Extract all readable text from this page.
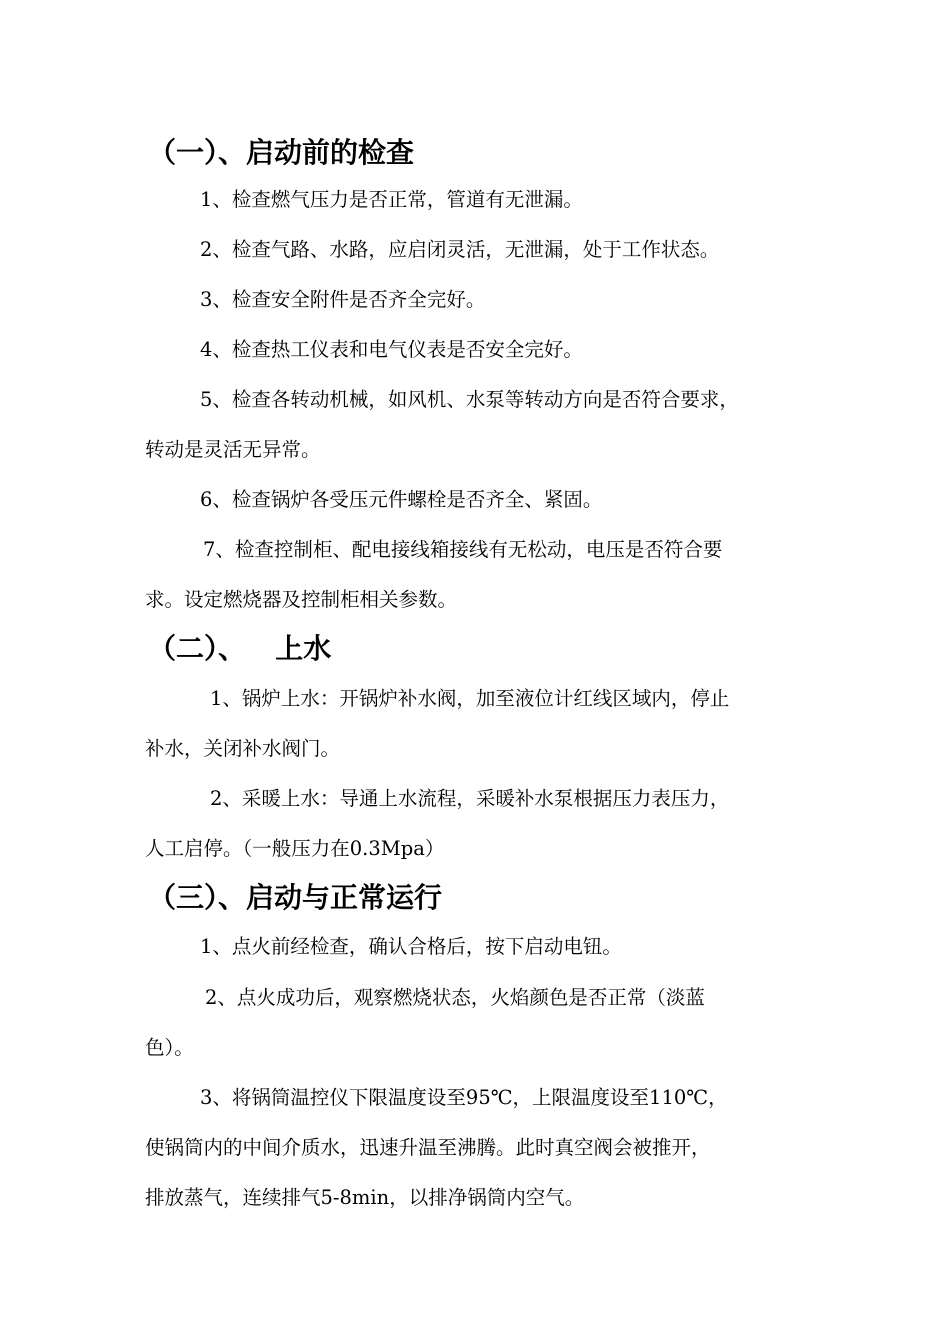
（一）、启动前的检查
1、检查燃气压力是否正常，管道有无泄漏。
2、检查气路、水路，应启闭灵活，无泄漏，处于工作状态。
3、检查安全附件是否齐全完好。
4、检查热工仪表和电气仪表是否安全完好。
5、检查各转动机械，如风机、水泵等转动方向是否符合要求，
转动是灵活无异常。
6、检查锅炉各受压元件螺栓是否齐全、紧固。
7、检查控制柜、配电接线箱接线有无松动，电压是否符合要
求。设定燃烧器及控制柜相关参数。
（二）、   上水
1、锅炉上水：开锅炉补水阀，加至液位计红线区域内，停止
补水，关闭补水阀门。
2、采暖上水：导通上水流程，采暖补水泵根据压力表压力，
人工启停。（一般压力在0.3Mpa）
（三）、启动与正常运行
1、点火前经检查，确认合格后，按下启动电钮。
2、点火成功后，观察燃烧状态，火焰颜色是否正常（淡蓝
色）。
3、将锅筒温控仪下限温度设至95℃，上限温度设至110℃，
使锅筒内的中间介质水，迅速升温至沸腾。此时真空阀会被推开，
排放蒸气，连续排气5-8min，以排净锅筒内空气。
